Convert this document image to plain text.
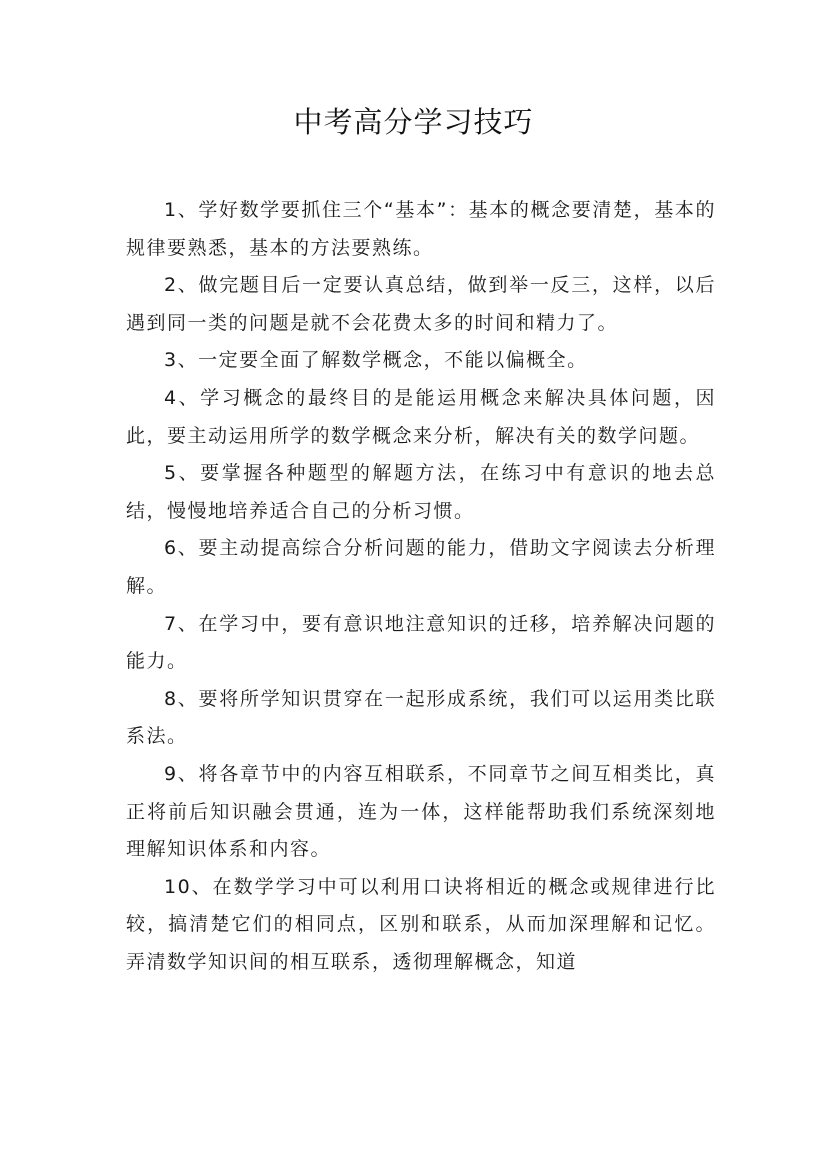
中考高分学习技巧

1、学好数学要抓住三个“基本”：基本的概念要清楚，基本的规律要熟悉，基本的方法要熟练。

2、做完题目后一定要认真总结，做到举一反三，这样，以后遇到同一类的问题是就不会花费太多的时间和精力了。

3、一定要全面了解数学概念，不能以偏概全。

4、学习概念的最终目的是能运用概念来解决具体问题，因此，要主动运用所学的数学概念来分析，解决有关的数学问题。

5、要掌握各种题型的解题方法，在练习中有意识的地去总结，慢慢地培养适合自己的分析习惯。

6、要主动提高综合分析问题的能力，借助文字阅读去分析理解。

7、在学习中，要有意识地注意知识的迁移，培养解决问题的能力。

8、要将所学知识贯穿在一起形成系统，我们可以运用类比联系法。

9、将各章节中的内容互相联系，不同章节之间互相类比，真正将前后知识融会贯通，连为一体，这样能帮助我们系统深刻地理解知识体系和内容。

10、在数学学习中可以利用口诀将相近的概念或规律进行比较，搞清楚它们的相同点，区别和联系，从而加深理解和记忆。弄清数学知识间的相互联系，透彻理解概念，知道
